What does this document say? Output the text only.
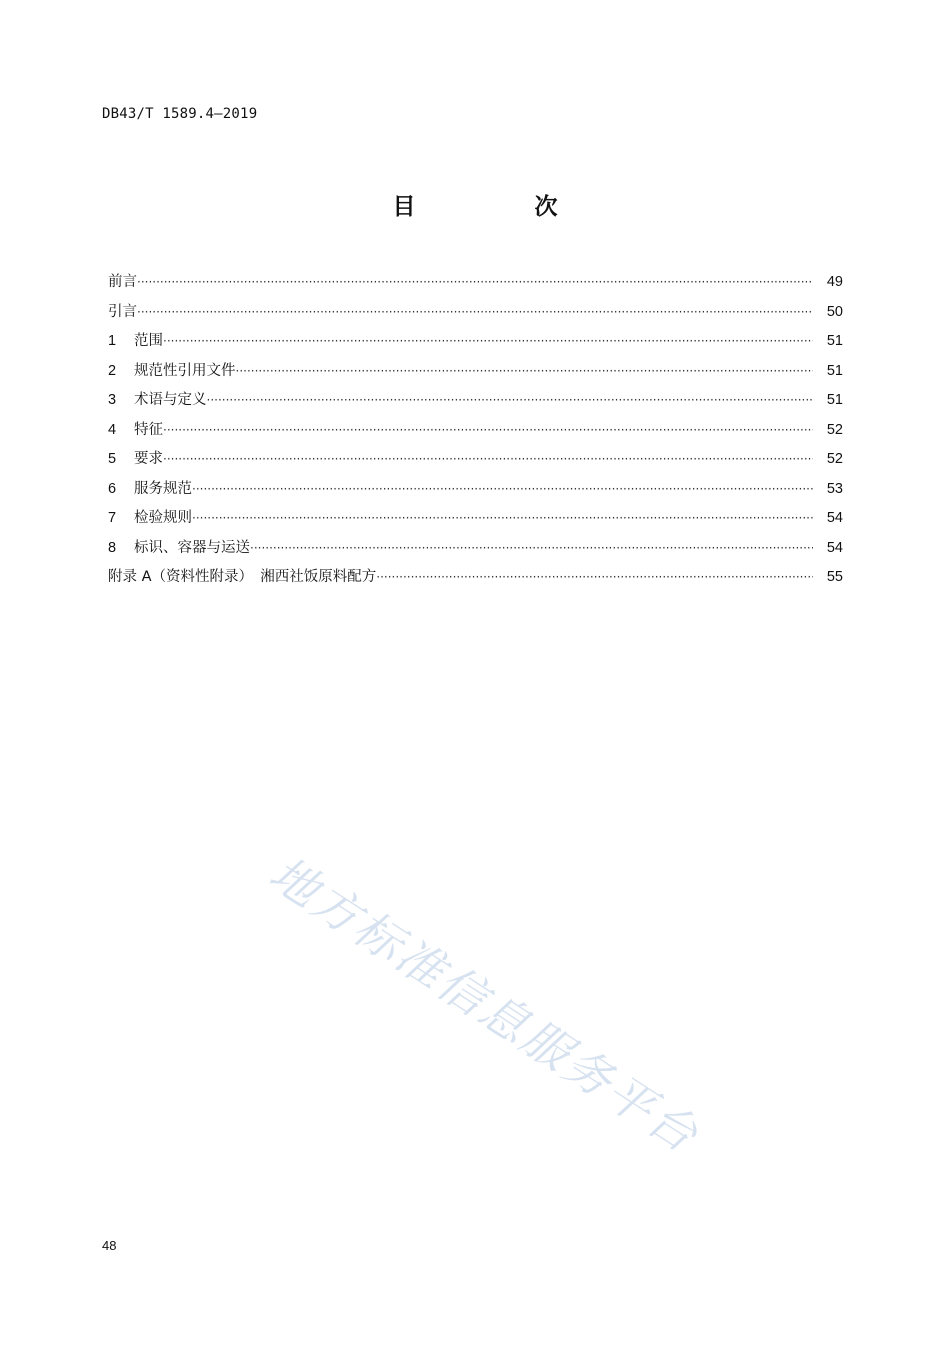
DB43/T 1589.4—2019
目　次
前言 ·····	49
引言 ·····	50
1	范围 ·····	51
2	规范性引用文件 ·····	51
3	术语与定义 ·····	51
4	特征 ·····	52
5	要求 ·····	52
6	服务规范 ·····	53
7	检验规则 ·····	54
8	标识、容器与运送 ·····	54
附录 A（资料性附录）　湘西社饭原料配方 ·····	55
地方标准信息服务平台
48
